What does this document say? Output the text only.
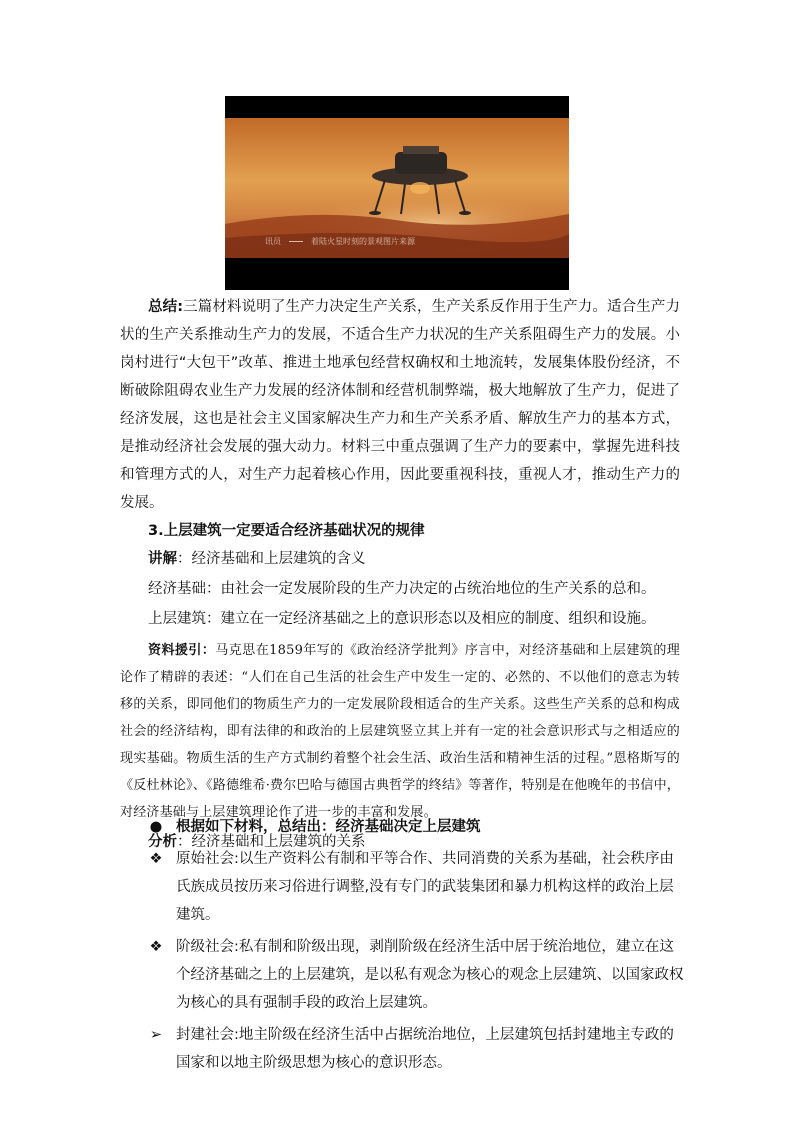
讯员	着陆火星时刻的景观图片来源

总结:三篇材料说明了生产力决定生产关系，生产关系反作用于生产力。适合生产力状的生产关系推动生产力的发展，不适合生产力状况的生产关系阻碍生产力的发展。小岗村进行“大包干”改革、推进土地承包经营权确权和土地流转，发展集体股份经济，不断破除阻碍农业生产力发展的经济体制和经营机制弊端，极大地解放了生产力，促进了经济发展，这也是社会主义国家解决生产力和生产关系矛盾、解放生产力的基本方式，是推动经济社会发展的强大动力。材料三中重点强调了生产力的要素中，掌握先进科技和管理方式的人，对生产力起着核心作用，因此要重视科技，重视人才，推动生产力的发展。

3.上层建筑一定要适合经济基础状况的规律

讲解：经济基础和上层建筑的含义

经济基础：由社会一定发展阶段的生产力决定的占统治地位的生产关系的总和。

上层建筑：建立在一定经济基础之上的意识形态以及相应的制度、组织和设施。

资料援引：马克思在1859年写的《政治经济学批判》序言中，对经济基础和上层建筑的理论作了精辟的表述：“人们在自己生活的社会生产中发生一定的、必然的、不以他们的意志为转移的关系，即同他们的物质生产力的一定发展阶段相适合的生产关系。这些生产关系的总和构成社会的经济结构，即有法律的和政治的上层建筑竖立其上并有一定的社会意识形式与之相适应的现实基础。物质生活的生产方式制约着整个社会生活、政治生活和精神生活的过程。”恩格斯写的《反杜林论》、《路德维希·费尔巴哈与德国古典哲学的终结》等著作，特别是在他晚年的书信中，对经济基础与上层建筑理论作了进一步的丰富和发展。

分析：经济基础和上层建筑的关系

● 根据如下材料，总结出：经济基础决定上层建筑

❖ 原始社会:以生产资料公有制和平等合作、共同消费的关系为基础，社会秩序由氏族成员按历来习俗进行调整,没有专门的武装集团和暴力机构这样的政治上层建筑。

❖ 阶级社会:私有制和阶级出现，剥削阶级在经济生活中居于统治地位，建立在这个经济基础之上的上层建筑，是以私有观念为核心的观念上层建筑、以国家政权为核心的具有强制手段的政治上层建筑。

➢ 封建社会:地主阶级在经济生活中占据统治地位，上层建筑包括封建地主专政的国家和以地主阶级思想为核心的意识形态。
